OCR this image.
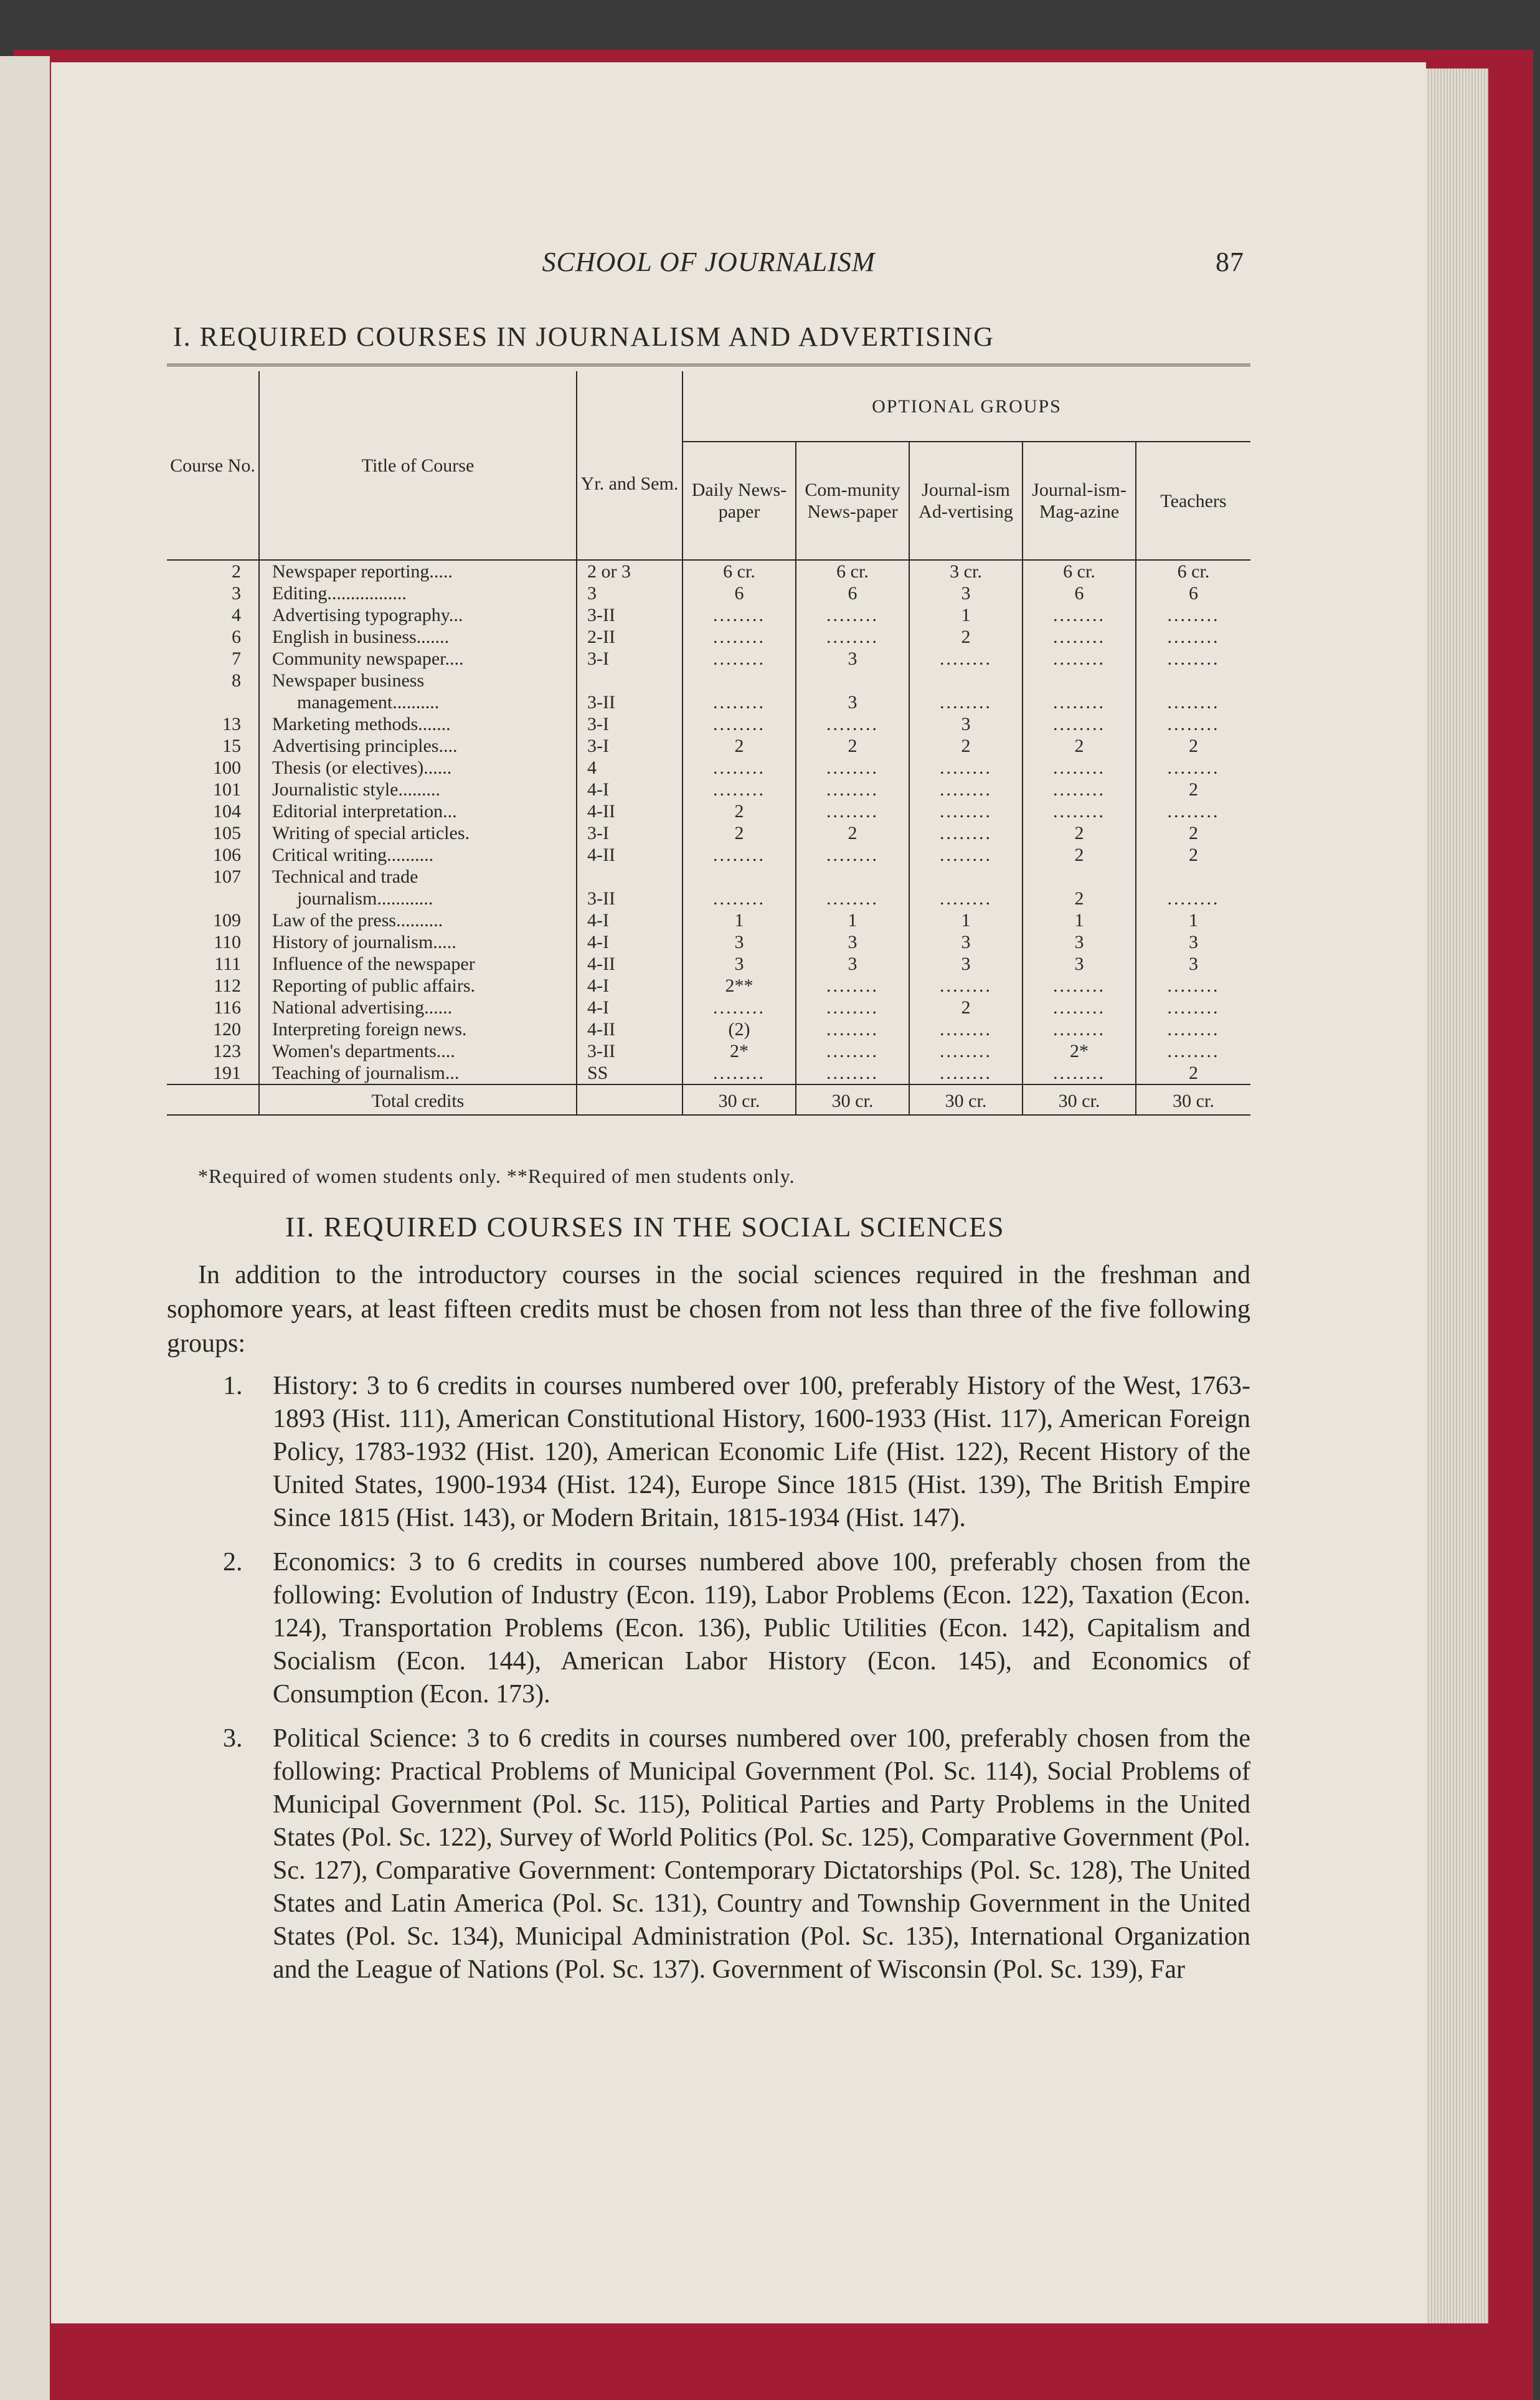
SCHOOL OF JOURNALISM	87
I. REQUIRED COURSES IN JOURNALISM AND ADVERTISING

Course No.	Title of Course	Yr. and Sem.	OPTIONAL GROUPS				
			Daily News-paper	Com-munity News-paper	Journal-ism Ad-vertising	Journal-ism-Mag-azine	Teachers
2	Newspaper reporting.....	2 or 3	6 cr.	6 cr.	3 cr.	6 cr.	6 cr.
3	Editing.................	3	6	6	3	6	6
4	Advertising typography...	3-II	........	........	1	........	........
6	English in business.......	2-II	........	........	2	........	........
7	Community newspaper....	3-I	........	3	........	........	........
8	Newspaper business						
	management..........	3-II	........	3	........	........	........
13	Marketing methods.......	3-I	........	........	3	........	........
15	Advertising principles....	3-I	2	2	2	2	2
100	Thesis (or electives)......	4	........	........	........	........	........
101	Journalistic style.........	4-I	........	........	........	........	2
104	Editorial interpretation...	4-II	2	........	........	........	........
105	Writing of special articles.	3-I	2	2	........	2	2
106	Critical writing..........	4-II	........	........	........	2	2
107	Technical and trade						
	journalism............	3-II	........	........	........	2	........
109	Law of the press..........	4-I	1	1	1	1	1
110	History of journalism.....	4-I	3	3	3	3	3
111	Influence of the newspaper	4-II	3	3	3	3	3
112	Reporting of public affairs.	4-I	2**	........	........	........	........
116	National advertising......	4-I	........	........	2	........	........
120	Interpreting foreign news.	4-II	(2)	........	........	........	........
123	Women's departments....	3-II	2*	........	........	2*	........
191	Teaching of journalism...	SS	........	........	........	........	2
	Total credits		30 cr.	30 cr.	30 cr.	30 cr.	30 cr.
*Required of women students only. **Required of men students only.
II. REQUIRED COURSES IN THE SOCIAL SCIENCES

In addition to the introductory courses in the social sciences required in the freshman and sophomore years, at least fifteen credits must be chosen from not less than three of the five following groups:

1. History: 3 to 6 credits in courses numbered over 100, preferably History of the West, 1763-1893 (Hist. 111), American Constitutional History, 1600-1933 (Hist. 117), American Foreign Policy, 1783-1932 (Hist. 120), American Economic Life (Hist. 122), Recent History of the United States, 1900-1934 (Hist. 124), Europe Since 1815 (Hist. 139), The British Empire Since 1815 (Hist. 143), or Modern Britain, 1815-1934 (Hist. 147).
2. Economics: 3 to 6 credits in courses numbered above 100, preferably chosen from the following: Evolution of Industry (Econ. 119), Labor Problems (Econ. 122), Taxation (Econ. 124), Transportation Problems (Econ. 136), Public Utilities (Econ. 142), Capitalism and Socialism (Econ. 144), American Labor History (Econ. 145), and Economics of Consumption (Econ. 173).
3. Political Science: 3 to 6 credits in courses numbered over 100, preferably chosen from the following: Practical Problems of Municipal Government (Pol. Sc. 114), Social Problems of Municipal Government (Pol. Sc. 115), Political Parties and Party Problems in the United States (Pol. Sc. 122), Survey of World Politics (Pol. Sc. 125), Comparative Government (Pol. Sc. 127), Comparative Government: Contemporary Dictatorships (Pol. Sc. 128), The United States and Latin America (Pol. Sc. 131), Country and Township Government in the United States (Pol. Sc. 134), Municipal Administration (Pol. Sc. 135), International Organization and the League of Nations (Pol. Sc. 137). Government of Wisconsin (Pol. Sc. 139), Far
